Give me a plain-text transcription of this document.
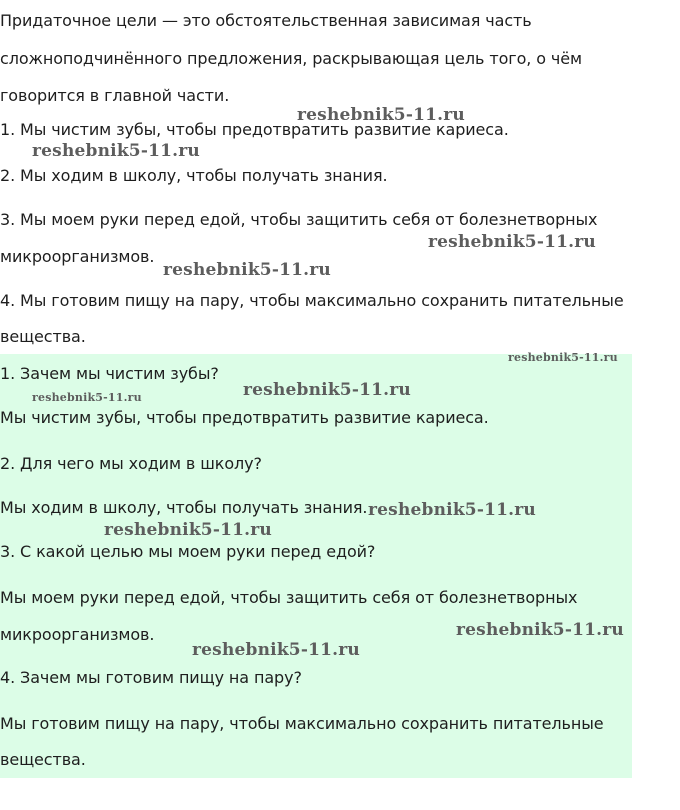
Придаточное цели — это обстоятельственная зависимая часть
сложноподчинённого предложения, раскрывающая цель того, о чём
говорится в главной части.
1. Мы чистим зубы, чтобы предотвратить развитие кариеса.
2. Мы ходим в школу, чтобы получать знания.
3. Мы моем руки перед едой, чтобы защитить себя от болезнетворных
микроорганизмов.
4. Мы готовим пищу на пару, чтобы максимально сохранить питательные
вещества.
1. Зачем мы чистим зубы?
Мы чистим зубы, чтобы предотвратить развитие кариеса.
2. Для чего мы ходим в школу?
Мы ходим в школу, чтобы получать знания.
3. С какой целью мы моем руки перед едой?
Мы моем руки перед едой, чтобы защитить себя от болезнетворных
микроорганизмов.
4. Зачем мы готовим пищу на пару?
Мы готовим пищу на пару, чтобы максимально сохранить питательные
вещества.
reshebnik5-11.ru
reshebnik5-11.ru
reshebnik5-11.ru
reshebnik5-11.ru
reshebnik5-11.ru
reshebnik5-11.ru
reshebnik5-11.ru
reshebnik5-11.ru
reshebnik5-11.ru
reshebnik5-11.ru
reshebnik5-11.ru
